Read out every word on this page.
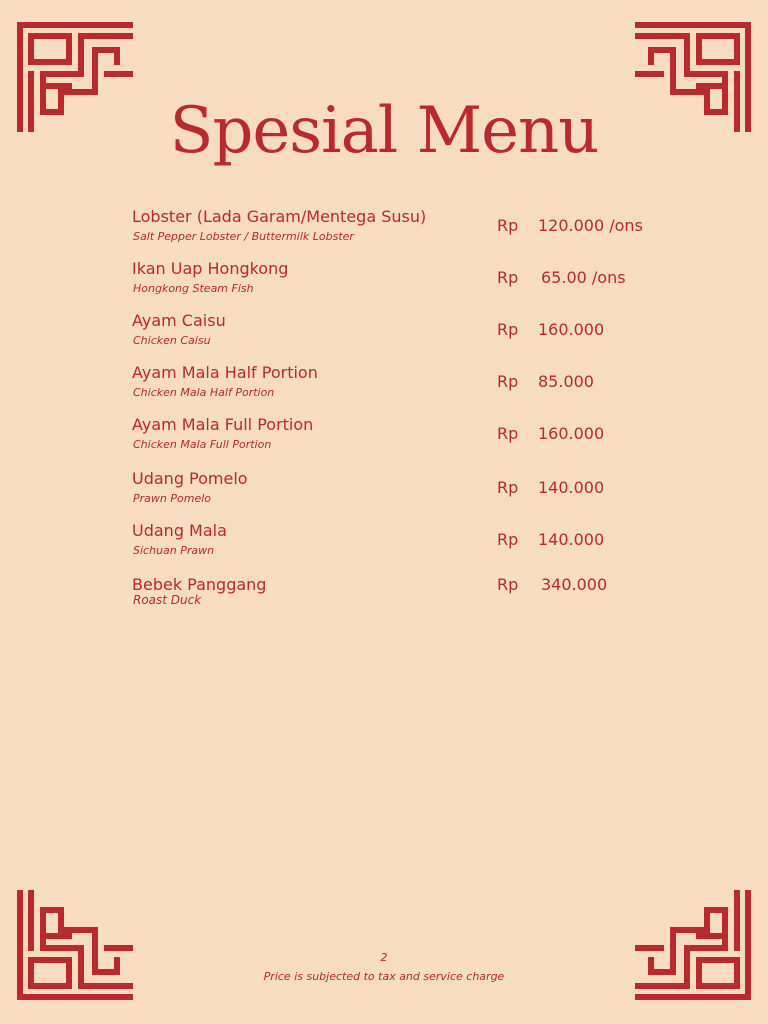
Spesial Menu
Lobster (Lada Garam/Mentega Susu)
Salt Pepper Lobster / Buttermilk Lobster
Rp 120.000 /ons
Ikan Uap Hongkong
Hongkong Steam Fish
Rp 65.00 /ons
Ayam Caisu
Chicken Caisu
Rp 160.000
Ayam Mala Half Portion
Chicken Mala Half Portion
Rp 85.000
Ayam Mala Full Portion
Chicken Mala Full Portion
Rp 160.000
Udang Pomelo
Prawn Pomelo
Rp 140.000
Udang Mala
Sichuan Prawn
Rp 140.000
Bebek Panggang
Roast Duck
Rp 340.000
2
Price is subjected to tax and service charge
